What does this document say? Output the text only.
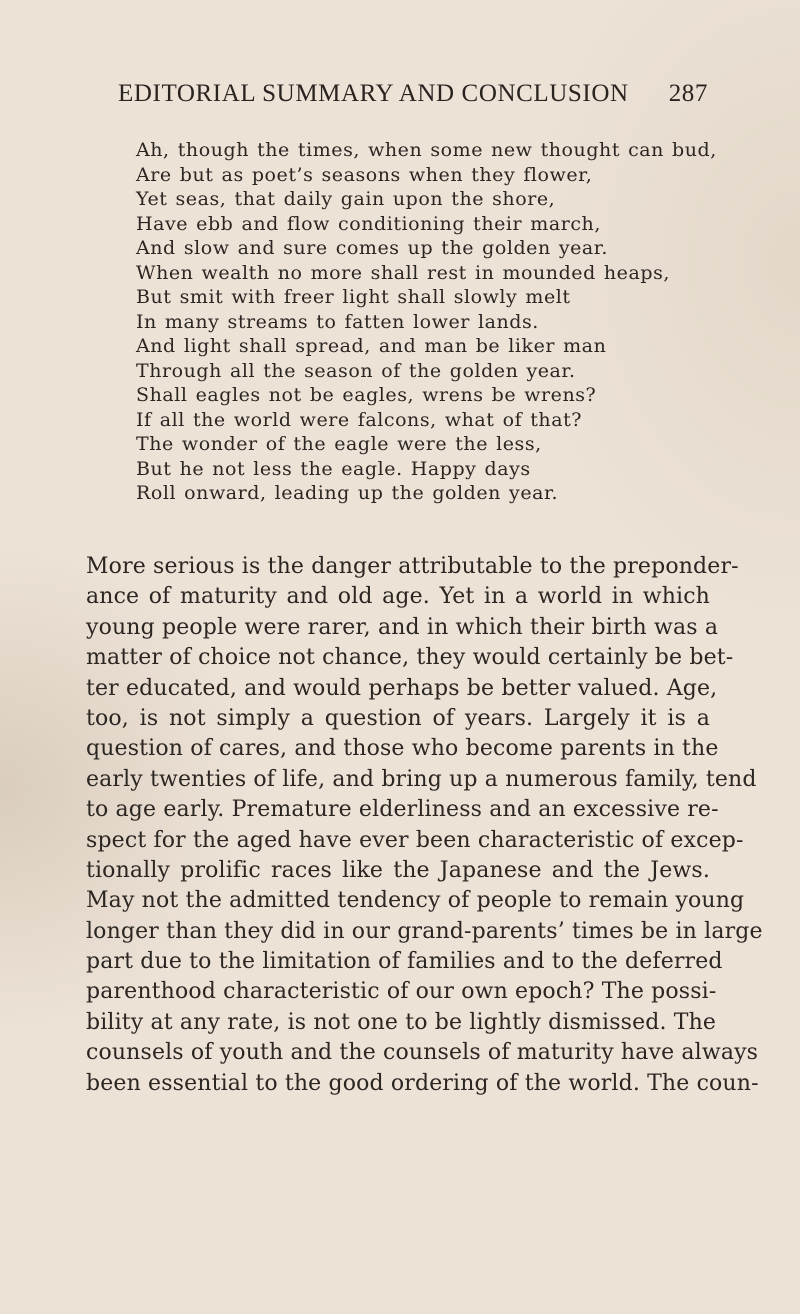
EDITORIAL SUMMARY AND CONCLUSION 287
Ah, though the times, when some new thought can bud,
Are but as poet’s seasons when they flower,
Yet seas, that daily gain upon the shore,
Have ebb and flow conditioning their march,
And slow and sure comes up the golden year.
When wealth no more shall rest in mounded heaps,
But smit with freer light shall slowly melt
In many streams to fatten lower lands.
And light shall spread, and man be liker man
Through all the season of the golden year.
Shall eagles not be eagles, wrens be wrens?
If all the world were falcons, what of that?
The wonder of the eagle were the less,
But he not less the eagle. Happy days
Roll onward, leading up the golden year.
More serious is the danger attributable to the preponder-
ance of maturity and old age. Yet in a world in which
young people were rarer, and in which their birth was a
matter of choice not chance, they would certainly be bet-
ter educated, and would perhaps be better valued. Age,
too, is not simply a question of years. Largely it is a
question of cares, and those who become parents in the
early twenties of life, and bring up a numerous family, tend
to age early. Premature elderliness and an excessive re-
spect for the aged have ever been characteristic of excep-
tionally prolific races like the Japanese and the Jews.
May not the admitted tendency of people to remain young
longer than they did in our grand-parents’ times be in large
part due to the limitation of families and to the deferred
parenthood characteristic of our own epoch? The possi-
bility at any rate, is not one to be lightly dismissed. The
counsels of youth and the counsels of maturity have always
been essential to the good ordering of the world. The coun-
